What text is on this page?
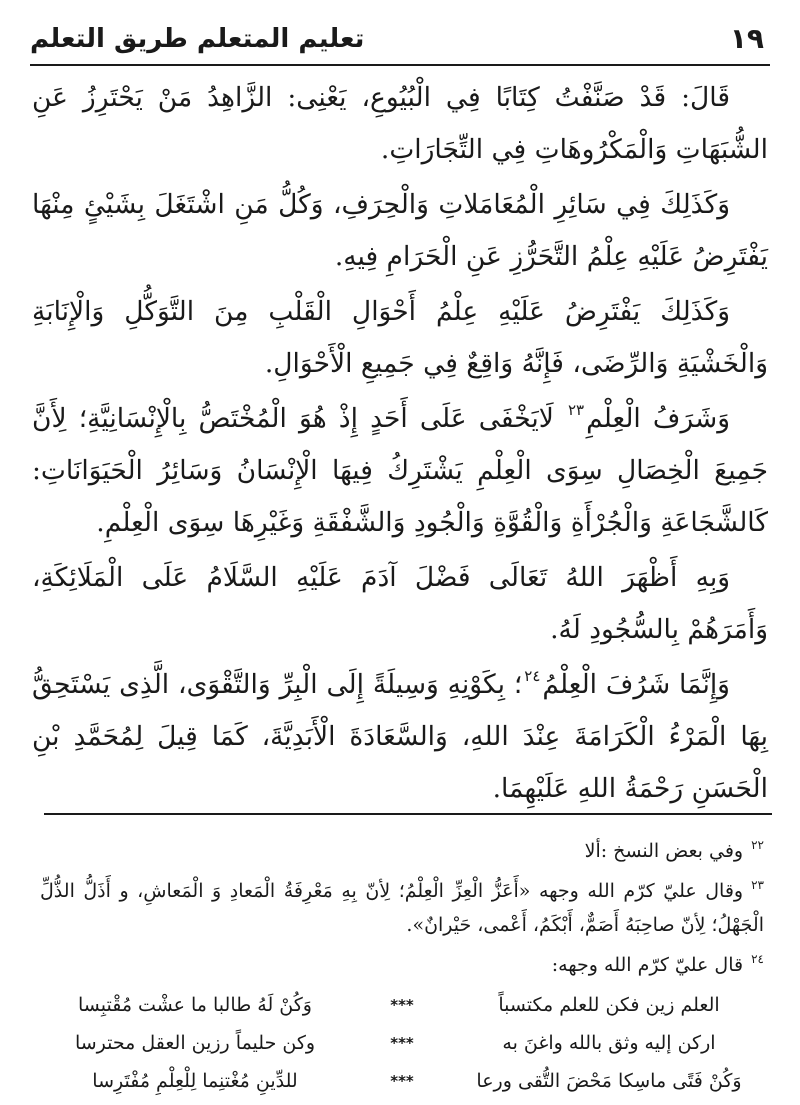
تعليم المتعلم طريق التعلم	١٩

قَالَ: قَدْ صَنَّفْتُ كِتَابًا فِي الْبُيُوعِ، يَعْنِى: الزَّاهِدُ مَنْ يَحْتَرِزُ عَنِ الشُّبَهَاتِ وَالْمَكْرُوهَاتِ فِي التِّجَارَاتِ.

وَكَذَلِكَ فِي سَائِرِ الْمُعَامَلاتِ وَالْحِرَفِ، وَكُلُّ مَنِ اشْتَغَلَ بِشَيْئٍ مِنْهَا يَفْتَرِضُ عَلَيْهِ عِلْمُ التَّحَرُّزِ عَنِ الْحَرَامِ فِيهِ.

وَكَذَلِكَ يَفْتَرِضُ عَلَيْهِ عِلْمُ أَحْوَالِ الْقَلْبِ مِنَ التَّوَكُّلِ وَالْإِنَابَةِ وَالْخَشْيَةِ وَالرِّضَى، فَإِنَّهُ وَاقِعٌ فِي جَمِيعِ الْأَحْوَالِ.

وَشَرَفُ الْعِلْمِ$^{٢٣}$ لَايَخْفَى عَلَى أَحَدٍ إِذْ هُوَ الْمُخْتَصُّ بِالْإِنْسَانِيَّةِ؛ لِأَنَّ جَمِيعَ الْخِصَالِ سِوَى الْعِلْمِ يَشْتَرِكُ فِيهَا الْإِنْسَانُ وَسَائِرُ الْحَيَوَانَاتِ: كَالشَّجَاعَةِ وَالْجُرْأَةِ وَالْقُوَّةِ وَالْجُودِ وَالشَّفْقَةِ وَغَيْرِهَا سِوَى الْعِلْمِ.

وَبِهِ أَظْهَرَ اللهُ تَعَالَى فَضْلَ آدَمَ عَلَيْهِ السَّلَامُ عَلَى الْمَلَائِكَةِ، وَأَمَرَهُمْ بِالسُّجُودِ لَهُ.

وَإِنَّمَا شَرُفَ الْعِلْمُ$^{٢٤}$؛ بِكَوْنِهِ وَسِيلَةً إِلَى الْبِرِّ وَالتَّقْوَى، الَّذِى يَسْتَحِقُّ بِهَا الْمَرْءُ الْكَرَامَةَ عِنْدَ اللهِ، وَالسَّعَادَةَ الْأَبَدِيَّةَ، كَمَا قِيلَ لِمُحَمَّدِ بْنِ الْحَسَنِ رَحْمَةُ اللهِ عَلَيْهِمَا.

$^{٢٢}$وفي بعض النسخ :ألا

$^{٢٣}$وقال عليّ كرّم الله وجهه «أَعَزُّ الْعِزِّ الْعِلْمُ؛ لِأنّ بِهِ مَعْرِفَةُ الْمَعادِ وَ الْمَعاشِ، و أَذَلُّ الذُّلِّ الْجَهْلُ؛ لِأنّ صاحِبَهُ أَصَمٌّ، أَبْكَمُ، أَعْمى، حَيْرانٌ».

$^{٢٤}$قال عليّ كرّم الله وجهه:

العلم زين فكن للعلم مكتسباً
***
وَكُنْ لَهُ طالبا ما عشْت مُقْتبِسا
اركن إليه وثق بالله واغنَ به
***
وكن حليماً رزين العقل محترسا
وَكُنْ فَتًى ماسِكا مَحْضَ التُّقى ورعا
***
للدِّينِ مُغْتنِما لِلْعِلْمِ مُفْتَرِسا
